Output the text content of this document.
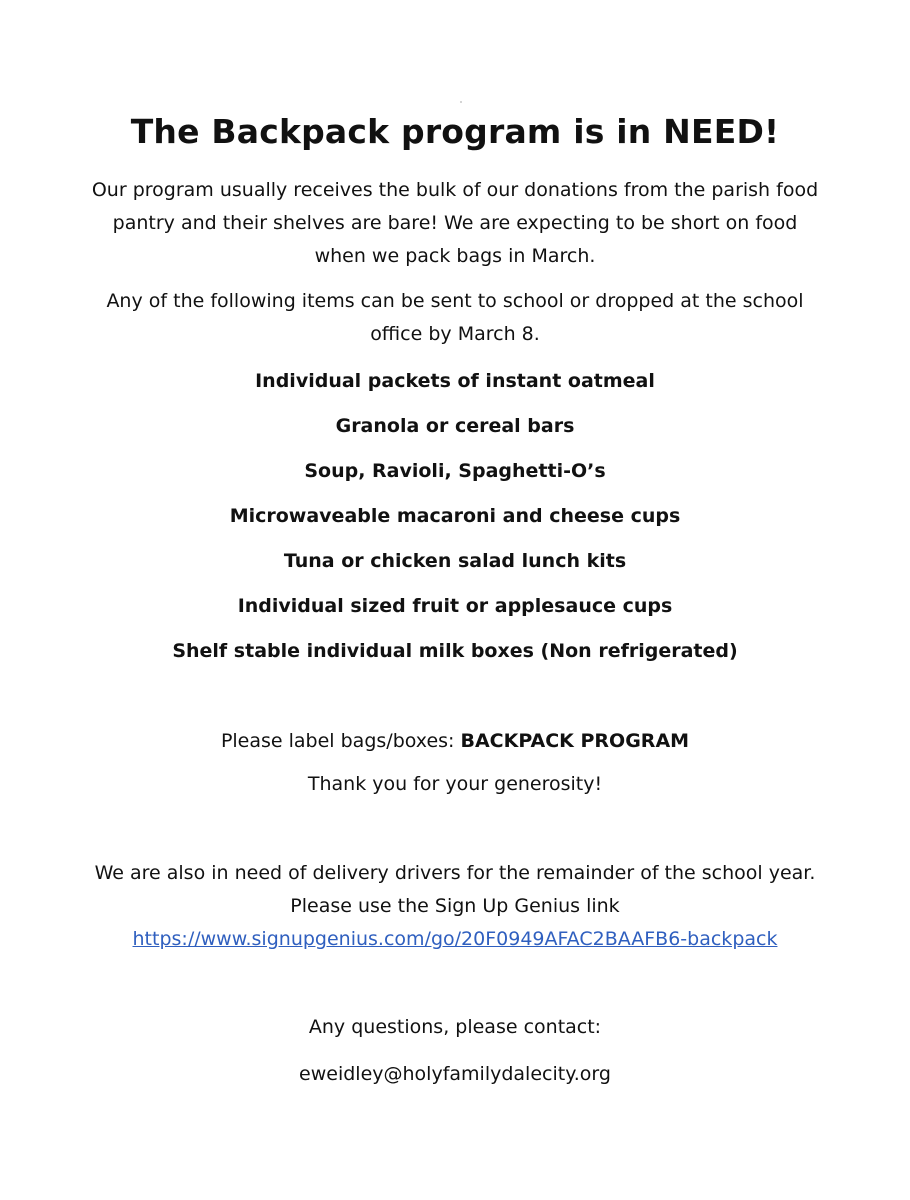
The Backpack program is in NEED!
Our program usually receives the bulk of our donations from the parish food pantry and their shelves are bare! We are expecting to be short on food when we pack bags in March.
Any of the following items can be sent to school or dropped at the school office by March 8.
Individual packets of instant oatmeal
Granola or cereal bars
Soup, Ravioli, Spaghetti-O’s
Microwaveable macaroni and cheese cups
Tuna or chicken salad lunch kits
Individual sized fruit or applesauce cups
Shelf stable individual milk boxes (Non refrigerated)
Please label bags/boxes: BACKPACK PROGRAM
Thank you for your generosity!
We are also in need of delivery drivers for the remainder of the school year. Please use the Sign Up Genius link
https://www.signupgenius.com/go/20F0949AFAC2BAAFB6-backpack
Any questions, please contact:
eweidley@holyfamilydalecity.org
